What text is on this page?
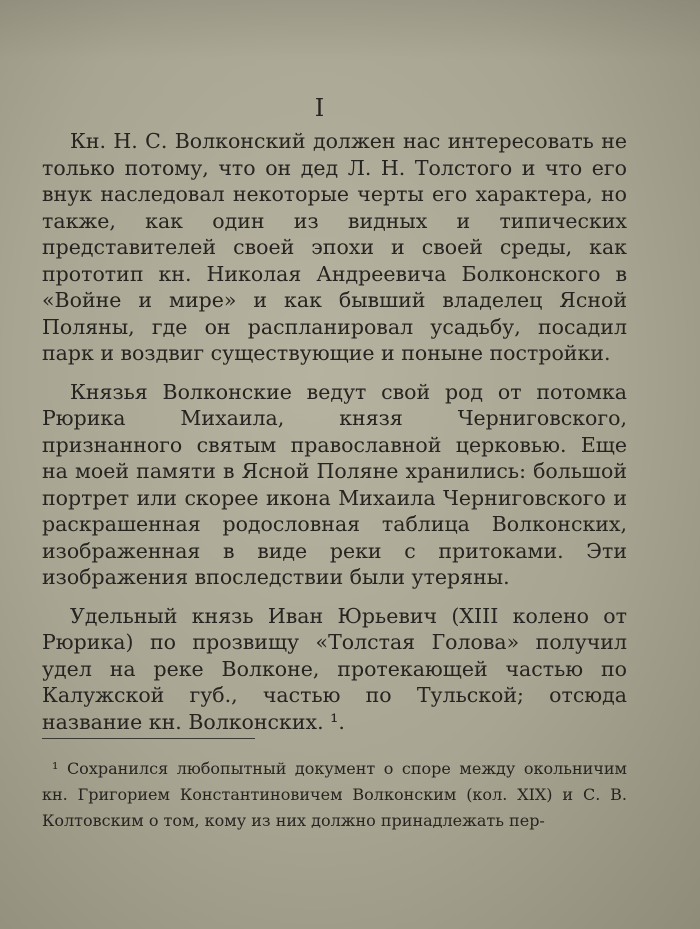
I

Кн. Н. С. Волконский должен нас интересовать не только потому, что он дед Л. Н. Толстого и что его внук наследовал некоторые черты его характера, но также, как один из видных и типических представителей своей эпохи и своей среды, как прототип кн. Николая Андреевича Болконского в «Войне и мире» и как бывший владелец Ясной Поляны, где он распланировал усадьбу, посадил парк и воздвиг существующие и поныне постройки.

Князья Волконские ведут свой род от потомка Рюрика Михаила, князя Черниговского, признанного святым православной церковью. Еще на моей памяти в Ясной Поляне хранились: большой портрет или скорее икона Михаила Черниговского и раскрашенная родословная таблица Волконских, изображенная в виде реки с притоками. Эти изображения впоследствии были утеряны.

Удельный князь Иван Юрьевич (XIII колено от Рюрика) по прозвищу «Толстая Голова» получил удел на реке Волконе, протекающей частью по Калужской губ., частью по Тульской; отсюда название кн. Волконских. ¹.

¹ Сохранился любопытный документ о споре между окольничим кн. Григорием Константиновичем Волконским (кол. XIX) и С. В. Колтовским о том, кому из них должно принадлежать пер-
